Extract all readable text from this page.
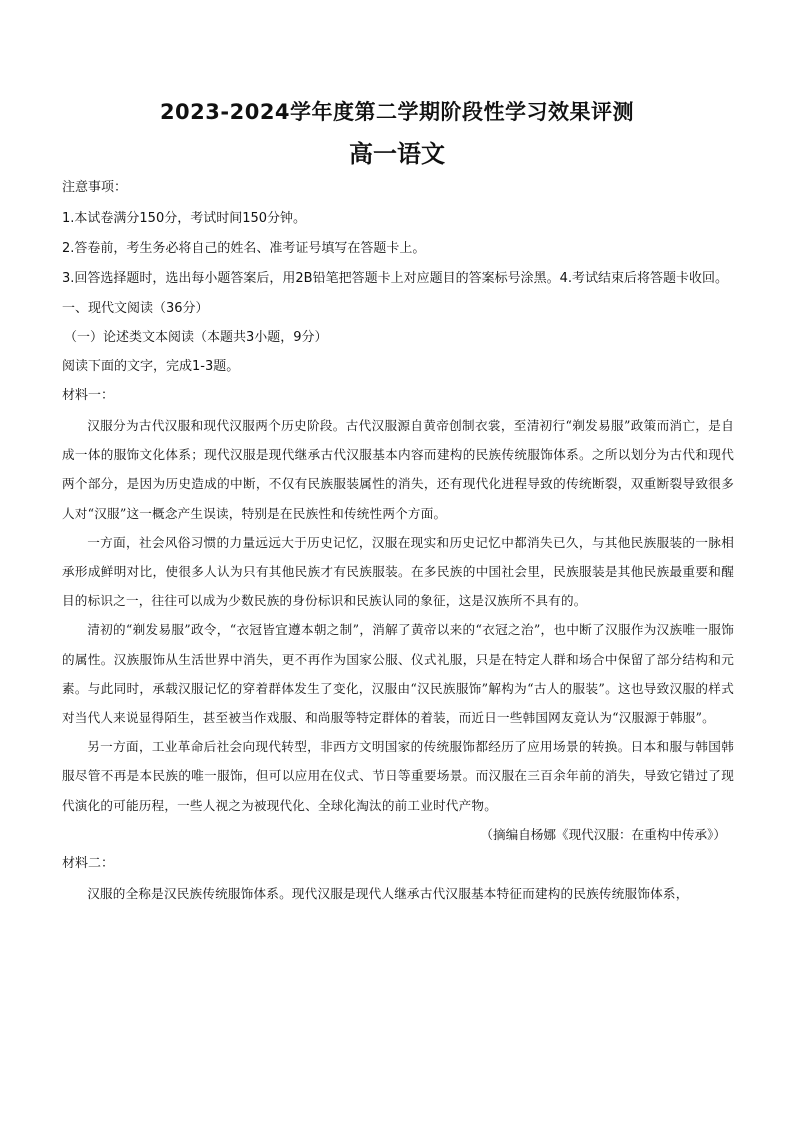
2023-2024学年度第二学期阶段性学习效果评测
高一语文

注意事项：

1.本试卷满分150分，考试时间150分钟。

2.答卷前，考生务必将自己的姓名、准考证号填写在答题卡上。

3.回答选择题时，选出每小题答案后，用2B铅笔把答题卡上对应题目的答案标号涂黑。4.考试结束后将答题卡收回。

一、现代文阅读（36分）

（一）论述类文本阅读（本题共3小题，9分）

阅读下面的文字，完成1-3题。

材料一：

汉服分为古代汉服和现代汉服两个历史阶段。古代汉服源自黄帝创制衣裳，至清初行“剃发易服”政策而消亡，是自成一体的服饰文化体系；现代汉服是现代继承古代汉服基本内容而建构的民族传统服饰体系。之所以划分为古代和现代两个部分，是因为历史造成的中断，不仅有民族服装属性的消失，还有现代化进程导致的传统断裂，双重断裂导致很多人对“汉服”这一概念产生误读，特别是在民族性和传统性两个方面。

一方面，社会风俗习惯的力量远远大于历史记忆，汉服在现实和历史记忆中都消失已久，与其他民族服装的一脉相承形成鲜明对比，使很多人认为只有其他民族才有民族服装。在多民族的中国社会里，民族服装是其他民族最重要和醒目的标识之一，往往可以成为少数民族的身份标识和民族认同的象征，这是汉族所不具有的。

清初的“剃发易服”政令，“衣冠皆宜遵本朝之制”，消解了黄帝以来的“衣冠之治”，也中断了汉服作为汉族唯一服饰的属性。汉族服饰从生活世界中消失，更不再作为国家公服、仪式礼服，只是在特定人群和场合中保留了部分结构和元素。与此同时，承载汉服记忆的穿着群体发生了变化，汉服由“汉民族服饰”解构为“古人的服装”。这也导致汉服的样式对当代人来说显得陌生，甚至被当作戏服、和尚服等特定群体的着装，而近日一些韩国网友竟认为“汉服源于韩服”。

另一方面，工业革命后社会向现代转型，非西方文明国家的传统服饰都经历了应用场景的转换。日本和服与韩国韩服尽管不再是本民族的唯一服饰，但可以应用在仪式、节日等重要场景。而汉服在三百余年前的消失，导致它错过了现代演化的可能历程，一些人视之为被现代化、全球化淘汰的前工业时代产物。

（摘编自杨娜《现代汉服：在重构中传承》）

材料二：

汉服的全称是汉民族传统服饰体系。现代汉服是现代人继承古代汉服基本特征而建构的民族传统服饰体系，
